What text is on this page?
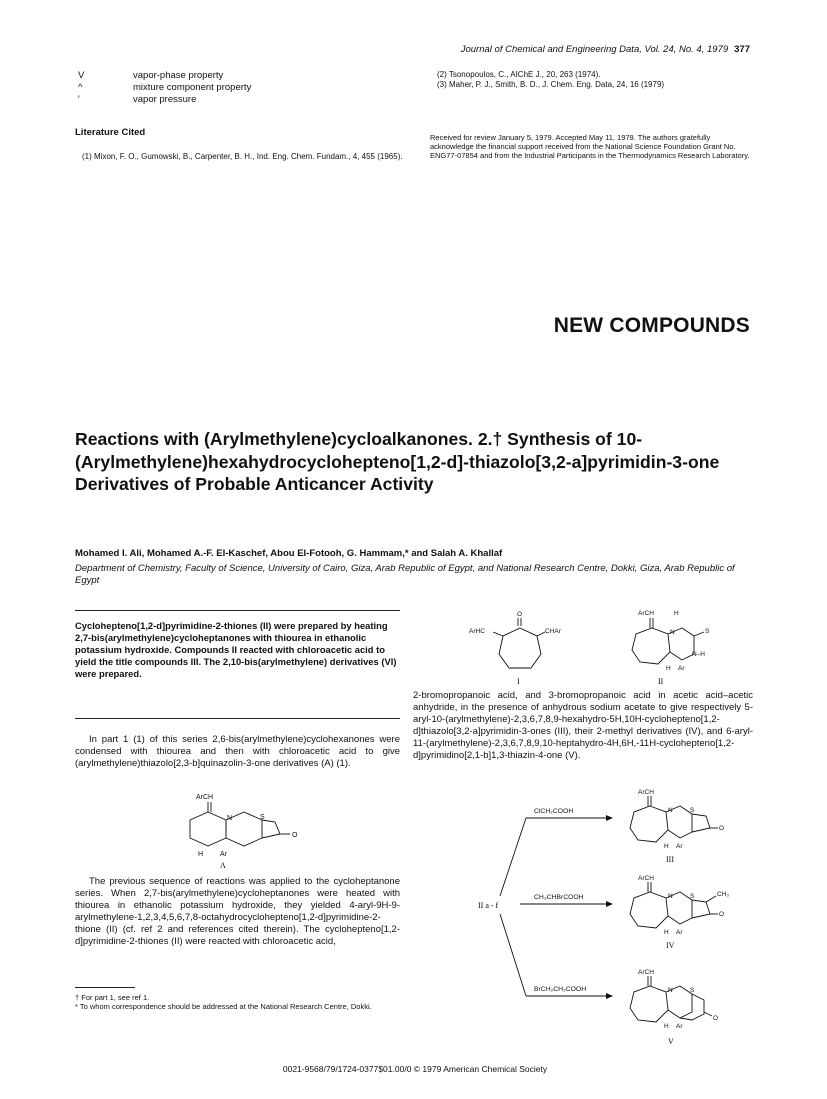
Journal of Chemical and Engineering Data, Vol. 24, No. 4, 1979 377
V	vapor-phase property
^	mixture component property
′	vapor pressure

(2) Tsonopoulos, C., AIChE J., 20, 263 (1974).

(3) Maher, P. J., Smith, B. D., J. Chem. Eng. Data, 24, 16 (1979)

Literature Cited

(1) Mixon, F. O., Gumowski, B., Carpenter, B. H., Ind. Eng. Chem. Fundam., 4, 455 (1965).

Received for review January 5, 1979. Accepted May 11, 1979. The authors gratefully acknowledge the financial support received from the National Science Foundation Grant No. ENG77-07854 and from the Industrial Participants in the Thermodynamics Research Laboratory.
NEW COMPOUNDS
Reactions with (Arylmethylene)cycloalkanones. 2.† Synthesis of 10-(Arylmethylene)hexahydrocyclohepteno[1,2-d]-thiazolo[3,2-a]pyrimidin-3-one Derivatives of Probable Anticancer Activity
Mohamed I. Ali, Mohamed A.-F. El-Kaschef, Abou El-Fotooh, G. Hammam,* and Salah A. Khallaf
Department of Chemistry, Faculty of Science, University of Cairo, Giza, Arab Republic of Egypt, and National Research Centre, Dokki, Giza, Arab Republic of Egypt
Cyclohepteno[1,2-d]pyrimidine-2-thiones (II) were prepared by heating 2,7-bis(arylmethylene)cycloheptanones with thiourea in ethanolic potassium hydroxide. Compounds II reacted with chloroacetic acid to yield the title compounds III. The 2,10-bis(arylmethylene) derivatives (VI) were prepared.

In part 1 (1) of this series 2,6-bis(arylmethylene)cyclohexanones were condensed with thiourea and then with chloroacetic acid to give (arylmethylene)thiazolo[2,3-b]quinazolin-3-one derivatives (A) (1).

ArCH
N	S
O
H Ar
A

The previous sequence of reactions was applied to the cycloheptanone series. When 2,7-bis(arylmethylene)cycloheptanones were heated with thiourea in ethanolic potassium hydroxide, they yielded 4-aryl-9H-9-arylmethylene-1,2,3,4,5,6,7,8-octahydrocyclohepteno[1,2-d]pyrimidine-2-thione (II) (cf. ref 2 and references cited therein). The cyclohepteno[1,2-d]pyrimidine-2-thiones (II) were reacted with chloroacetic acid,

† For part 1, see ref 1.

* To whom correspondence should be addressed at the National Research Centre, Dokki.

O
ArHC	CHAr
I
ArCH	H
N	S
N–H
H Ar
II

2-bromopropanoic acid, and 3-bromopropanoic acid in acetic acid–acetic anhydride, in the presence of anhydrous sodium acetate to give respectively 5-aryl-10-(arylmethylene)-2,3,6,7,8,9-hexahydro-5H,10H-cyclohepteno[1,2-d]thiazolo[3,2-a]pyrimidin-3-ones (III), their 2-methyl derivatives (IV), and 6-aryl-11-(arylmethylene)-2,3,6,7,8,9,10-heptahydro-4H,6H,-11H-cyclohepteno[1,2-d]pyrimidino[2,1-b]1,3-thiazin-4-one (V).

II a - f
ClCH₂COOH
CH₃CHBrCOOH
BrCH₂CH₂COOH
ArCH
N	S
O
H Ar
III
ArCH
N	S	CH₃
O
H Ar
IV
ArCH
N	S
O
H Ar
V
0021-9568/79/1724-0377$01.00/0 © 1979 American Chemical Society
